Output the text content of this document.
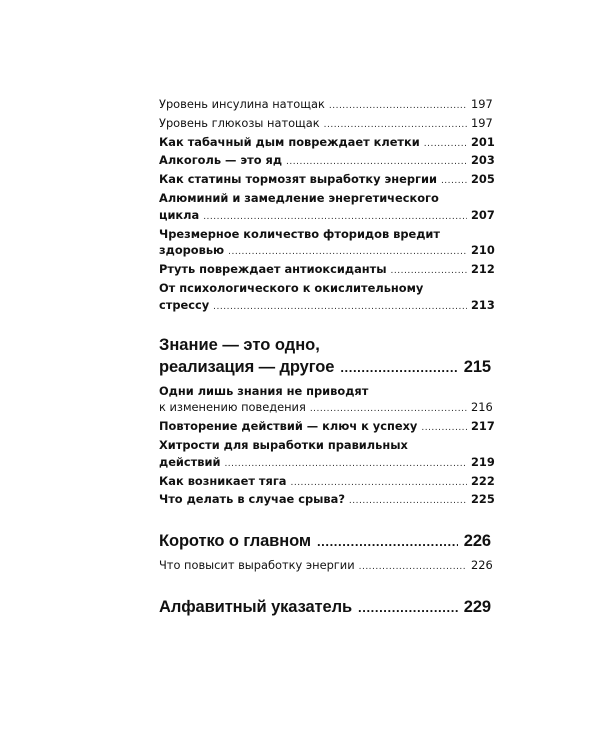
Уровень инсулина натощак .....	197
Уровень глюкозы натощак .....	197
Как табачный дым повреждает клетки .....	201
Алкоголь — это яд .....	203
Как статины тормозят выработку энергии .....	205
Алюминий и замедление энергетического
цикла .....	207
Чрезмерное количество фторидов вредит
здоровью .....	210
Ртуть повреждает антиоксиданты .....	212
От психологического к окислительному
стрессу .....	213
Знание — это одно,
реализация — другое .....	215
Одни лишь знания не приводят
к изменению поведения .....	216
Повторение действий — ключ к успеху .....	217
Хитрости для выработки правильных
действий .....	219
Как возникает тяга .....	222
Что делать в случае срыва? .....	225
Коротко о главном .....	226
Что повысит выработку энергии .....	226
Алфавитный указатель .....	229
